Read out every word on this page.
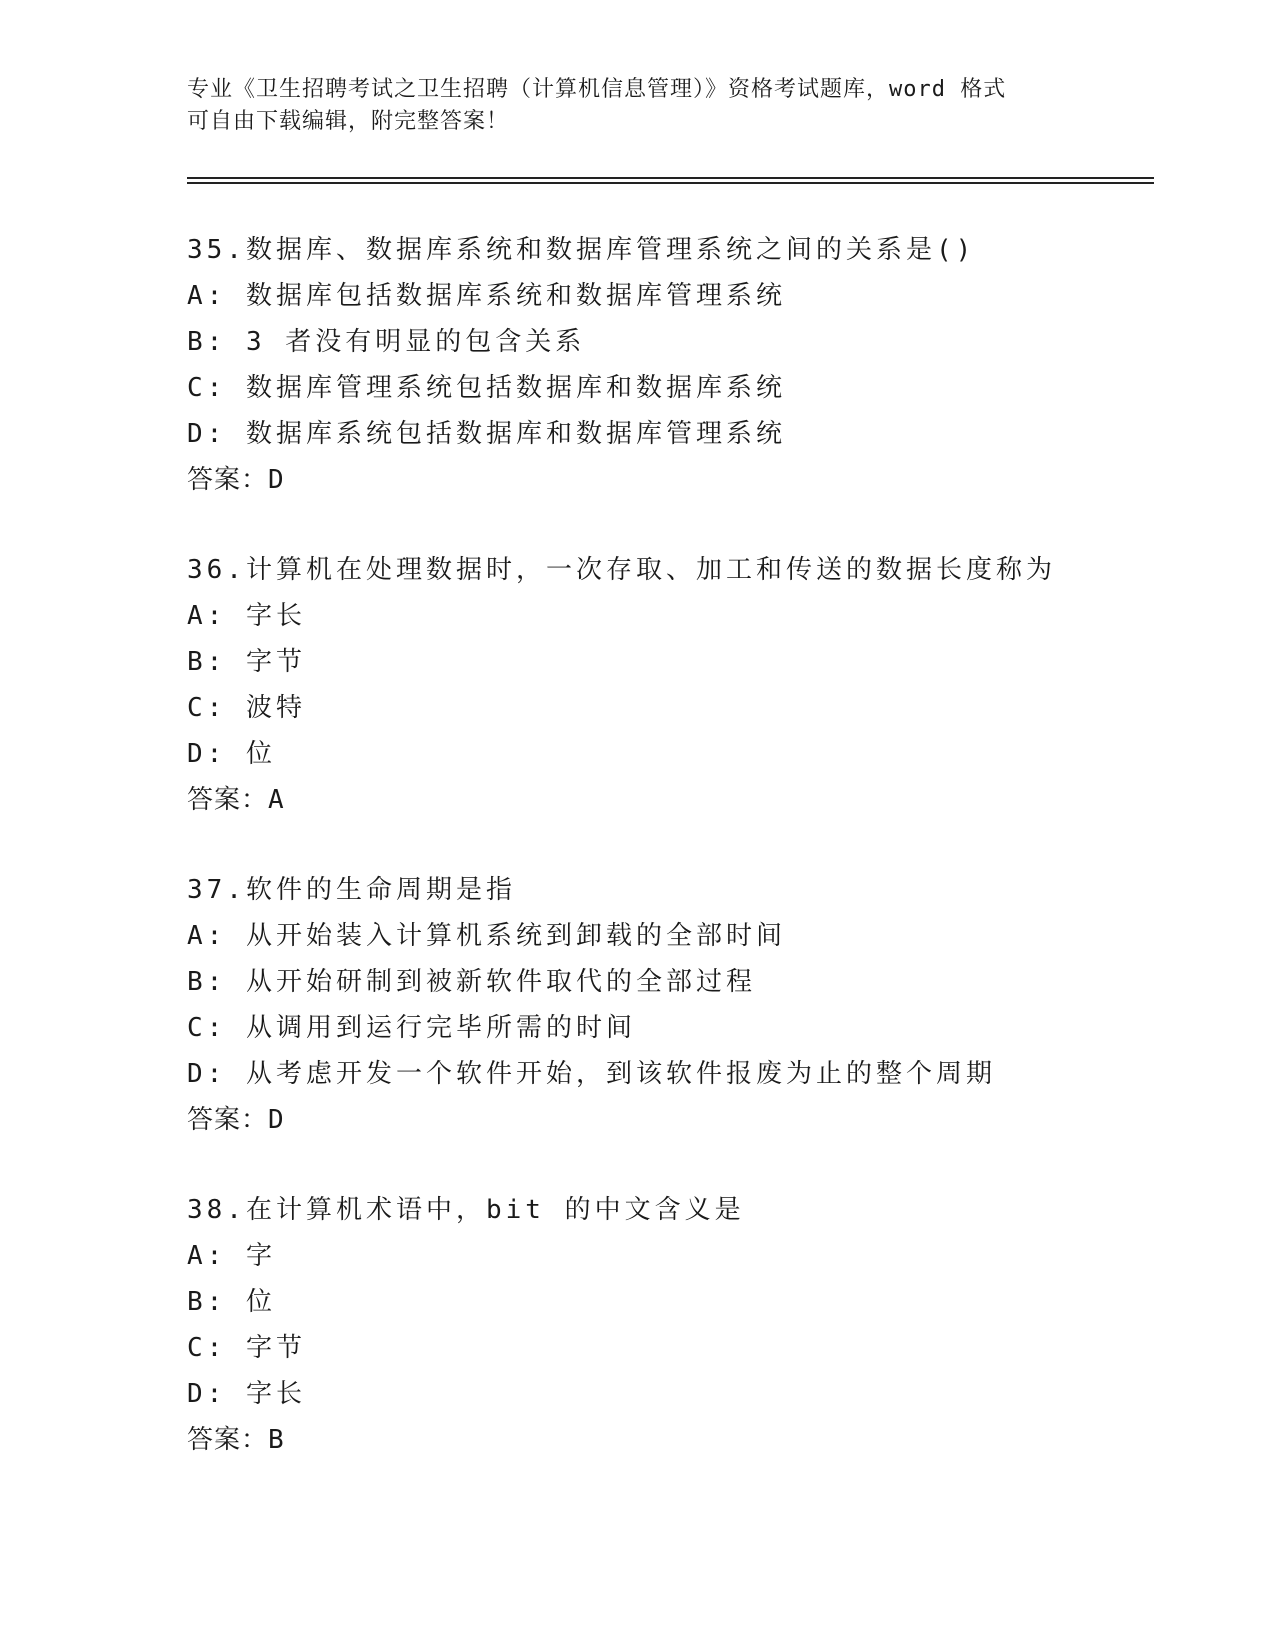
专业《卫生招聘考试之卫生招聘（计算机信息管理）》资格考试题库，word 格式
可自由下载编辑，附完整答案！
35.数据库、数据库系统和数据库管理系统之间的关系是()
A: 数据库包括数据库系统和数据库管理系统
B: 3 者没有明显的包含关系
C: 数据库管理系统包括数据库和数据库系统
D: 数据库系统包括数据库和数据库管理系统
答案：D
36.计算机在处理数据时，一次存取、加工和传送的数据长度称为
A: 字长
B: 字节
C: 波特
D: 位
答案：A
37.软件的生命周期是指
A: 从开始装入计算机系统到卸载的全部时间
B: 从开始研制到被新软件取代的全部过程
C: 从调用到运行完毕所需的时间
D: 从考虑开发一个软件开始，到该软件报废为止的整个周期
答案：D
38.在计算机术语中，bit 的中文含义是
A: 字
B: 位
C: 字节
D: 字长
答案：B
